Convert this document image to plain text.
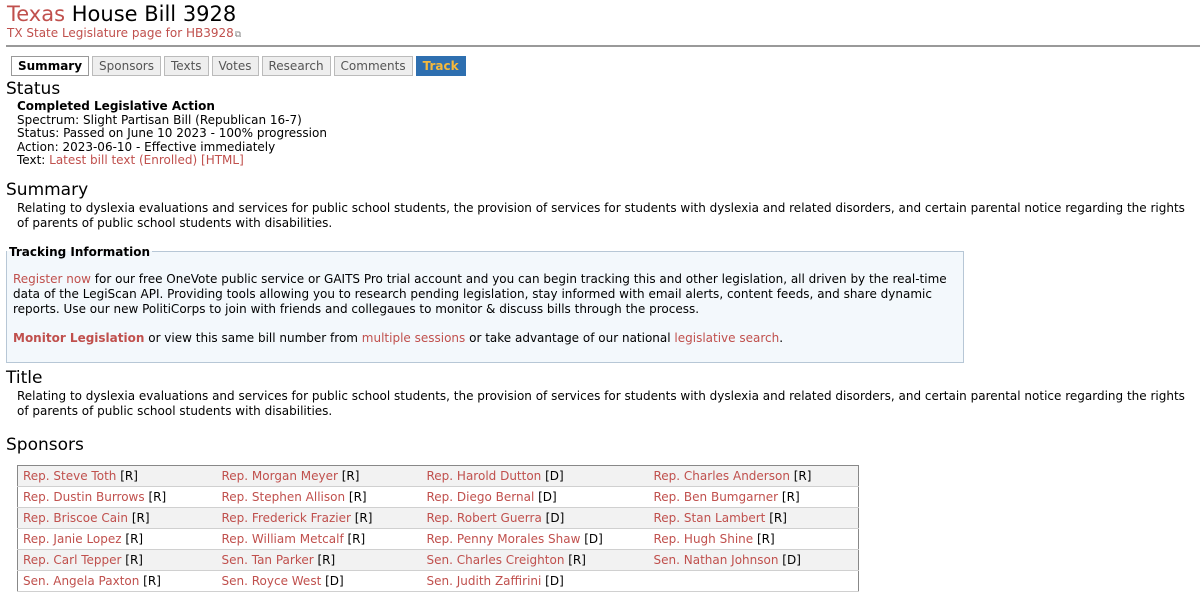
Texas House Bill 3928
TX State Legislature page for HB3928⧉
Summary	Sponsors	Texts	Votes	Research	Comments	Track
Status
Completed Legislative Action
Spectrum: Slight Partisan Bill (Republican 16-7)
Status: Passed on June 10 2023 - 100% progression
Action: 2023-06-10 - Effective immediately
Text: Latest bill text (Enrolled) [HTML]
Summary
Relating to dyslexia evaluations and services for public school students, the provision of services for students with dyslexia and related disorders, and certain parental notice regarding the rights of parents of public school students with disabilities.
Tracking Information
Register now for our free OneVote public service or GAITS Pro trial account and you can begin tracking this and other legislation, all driven by the real-time data of the LegiScan API. Providing tools allowing you to research pending legislation, stay informed with email alerts, content feeds, and share dynamic reports. Use our new PolitiCorps to join with friends and collegaues to monitor & discuss bills through the process.
Monitor Legislation or view this same bill number from multiple sessions or take advantage of our national legislative search.
Title
Relating to dyslexia evaluations and services for public school students, the provision of services for students with dyslexia and related disorders, and certain parental notice regarding the rights of parents of public school students with disabilities.
Sponsors
Rep. Steve Toth [R]	Rep. Morgan Meyer [R]	Rep. Harold Dutton [D]	Rep. Charles Anderson [R]
Rep. Dustin Burrows [R]	Rep. Stephen Allison [R]	Rep. Diego Bernal [D]	Rep. Ben Bumgarner [R]
Rep. Briscoe Cain [R]	Rep. Frederick Frazier [R]	Rep. Robert Guerra [D]	Rep. Stan Lambert [R]
Rep. Janie Lopez [R]	Rep. William Metcalf [R]	Rep. Penny Morales Shaw [D]	Rep. Hugh Shine [R]
Rep. Carl Tepper [R]	Sen. Tan Parker [R]	Sen. Charles Creighton [R]	Sen. Nathan Johnson [D]
Sen. Angela Paxton [R]	Sen. Royce West [D]	Sen. Judith Zaffirini [D]	
